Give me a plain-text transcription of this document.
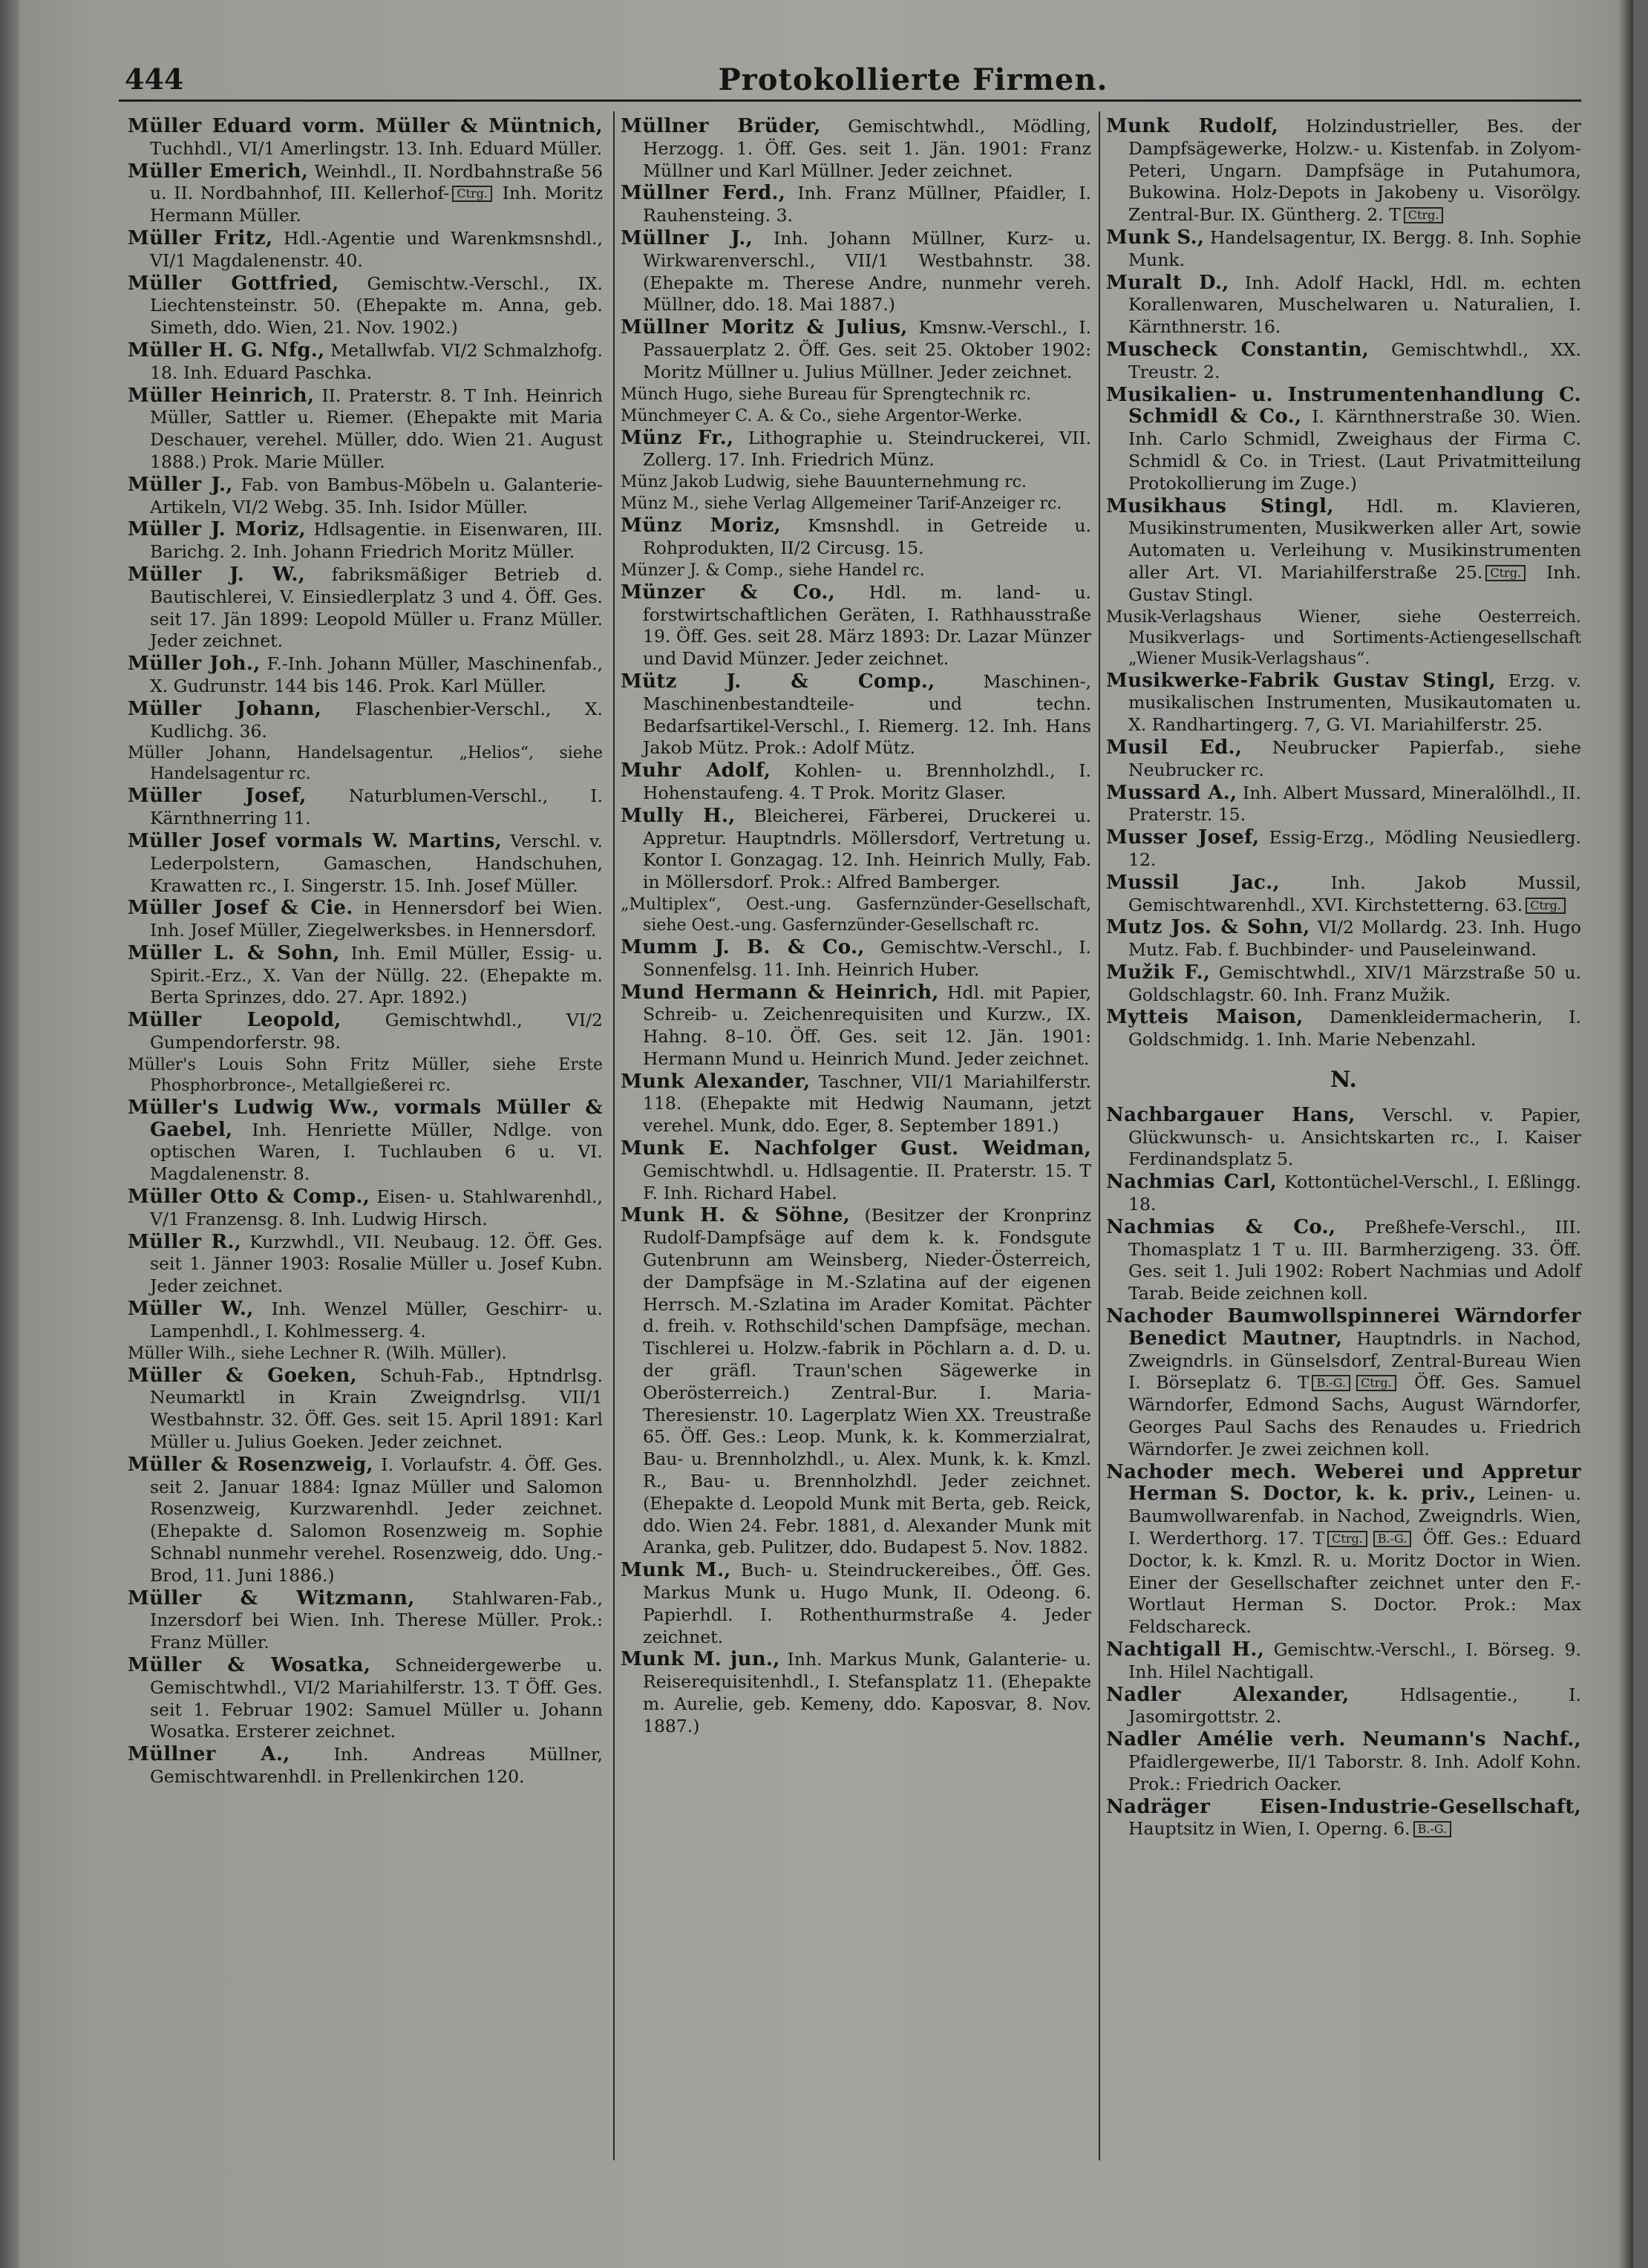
444	Protokollierte Firmen.

Müller Eduard vorm. Müller & Müntnich, Tuchhdl., VI/1 Amerlingstr. 13. Inh. Eduard Müller.

Müller Emerich, Weinhdl., II. Nordbahnstraße 56 u. II. Nordbahnhof, III. Kellerhof- Ctrg. Inh. Moritz Hermann Müller.

Müller Fritz, Hdl.-Agentie und Warenkmsnshdl., VI/1 Magdalenenstr. 40.

Müller Gottfried, Gemischtw.-Verschl., IX. Liechtensteinstr. 50. (Ehepakte m. Anna, geb. Simeth, ddo. Wien, 21. Nov. 1902.)

Müller H. G. Nfg., Metallwfab. VI/2 Schmalzhofg. 18. Inh. Eduard Paschka.

Müller Heinrich, II. Praterstr. 8. T Inh. Heinrich Müller, Sattler u. Riemer. (Ehepakte mit Maria Deschauer, verehel. Müller, ddo. Wien 21. August 1888.) Prok. Marie Müller.

Müller J., Fab. von Bambus-Möbeln u. Galanterie-Artikeln, VI/2 Webg. 35. Inh. Isidor Müller.

Müller J. Moriz, Hdlsagentie. in Eisenwaren, III. Barichg. 2. Inh. Johann Friedrich Moritz Müller.

Müller J. W., fabriksmäßiger Betrieb d. Bautischlerei, V. Einsiedlerplatz 3 und 4. Öff. Ges. seit 17. Jän 1899: Leopold Müller u. Franz Müller. Jeder zeichnet.

Müller Joh., F.-Inh. Johann Müller, Maschinenfab., X. Gudrunstr. 144 bis 146. Prok. Karl Müller.

Müller Johann, Flaschenbier-Verschl., X. Kudlichg. 36.

Müller Johann, Handelsagentur. „Helios“, siehe Handelsagentur rc.

Müller Josef, Naturblumen-Verschl., I. Kärnthnerring 11.

Müller Josef vormals W. Martins, Verschl. v. Lederpolstern, Gamaschen, Handschuhen, Krawatten rc., I. Singerstr. 15. Inh. Josef Müller.

Müller Josef & Cie. in Hennersdorf bei Wien. Inh. Josef Müller, Ziegelwerksbes. in Hennersdorf.

Müller L. & Sohn, Inh. Emil Müller, Essig- u. Spirit.-Erz., X. Van der Nüllg. 22. (Ehepakte m. Berta Sprinzes, ddo. 27. Apr. 1892.)

Müller Leopold, Gemischtwhdl., VI/2 Gumpendorferstr. 98.

Müller's Louis Sohn Fritz Müller, siehe Erste Phosphorbronce-, Metallgießerei rc.

Müller's Ludwig Ww., vormals Müller & Gaebel, Inh. Henriette Müller, Ndlge. von optischen Waren, I. Tuchlauben 6 u. VI. Magdalenenstr. 8.

Müller Otto & Comp., Eisen- u. Stahlwarenhdl., V/1 Franzensg. 8. Inh. Ludwig Hirsch.

Müller R., Kurzwhdl., VII. Neubaug. 12. Öff. Ges. seit 1. Jänner 1903: Rosalie Müller u. Josef Kubn. Jeder zeichnet.

Müller W., Inh. Wenzel Müller, Geschirr- u. Lampenhdl., I. Kohlmesserg. 4.

Müller Wilh., siehe Lechner R. (Wilh. Müller).

Müller & Goeken, Schuh-Fab., Hptndrlsg. Neumarktl in Krain Zweigndrlsg. VII/1 Westbahnstr. 32. Öff. Ges. seit 15. April 1891: Karl Müller u. Julius Goeken. Jeder zeichnet.

Müller & Rosenzweig, I. Vorlaufstr. 4. Öff. Ges. seit 2. Januar 1884: Ignaz Müller und Salomon Rosenzweig, Kurzwarenhdl. Jeder zeichnet. (Ehepakte d. Salomon Rosenzweig m. Sophie Schnabl nunmehr verehel. Rosenzweig, ddo. Ung.-Brod, 11. Juni 1886.)

Müller & Witzmann, Stahlwaren-Fab., Inzersdorf bei Wien. Inh. Therese Müller. Prok.: Franz Müller.

Müller & Wosatka, Schneidergewerbe u. Gemischtwhdl., VI/2 Mariahilferstr. 13. T Öff. Ges. seit 1. Februar 1902: Samuel Müller u. Johann Wosatka. Ersterer zeichnet.

Müllner A., Inh. Andreas Müllner, Gemischtwarenhdl. in Prellenkirchen 120.

Müllner Brüder, Gemischtwhdl., Mödling, Herzogg. 1. Öff. Ges. seit 1. Jän. 1901: Franz Müllner und Karl Müllner. Jeder zeichnet.

Müllner Ferd., Inh. Franz Müllner, Pfaidler, I. Rauhensteing. 3.

Müllner J., Inh. Johann Müllner, Kurz- u. Wirkwarenverschl., VII/1 Westbahnstr. 38. (Ehepakte m. Therese Andre, nunmehr vereh. Müllner, ddo. 18. Mai 1887.)

Müllner Moritz & Julius, Kmsnw.-Verschl., I. Passauerplatz 2. Öff. Ges. seit 25. Oktober 1902: Moritz Müllner u. Julius Müllner. Jeder zeichnet.

Münch Hugo, siehe Bureau für Sprengtechnik rc.

Münchmeyer C. A. & Co., siehe Argentor-Werke.

Münz Fr., Lithographie u. Steindruckerei, VII. Zollerg. 17. Inh. Friedrich Münz.

Münz Jakob Ludwig, siehe Bauunternehmung rc.

Münz M., siehe Verlag Allgemeiner Tarif-Anzeiger rc.

Münz Moriz, Kmsnshdl. in Getreide u. Rohprodukten, II/2 Circusg. 15.

Münzer J. & Comp., siehe Handel rc.

Münzer & Co., Hdl. m. land- u. forstwirtschaftlichen Geräten, I. Rathhausstraße 19. Öff. Ges. seit 28. März 1893: Dr. Lazar Münzer und David Münzer. Jeder zeichnet.

Mütz J. & Comp., Maschinen-, Maschinenbestandteile- und techn. Bedarfsartikel-Verschl., I. Riemerg. 12. Inh. Hans Jakob Mütz. Prok.: Adolf Mütz.

Muhr Adolf, Kohlen- u. Brennholzhdl., I. Hohenstaufeng. 4. T Prok. Moritz Glaser.

Mully H., Bleicherei, Färberei, Druckerei u. Appretur. Hauptndrls. Möllersdorf, Vertretung u. Kontor I. Gonzagag. 12. Inh. Heinrich Mully, Fab. in Möllersdorf. Prok.: Alfred Bamberger.

„Multiplex“, Oest.-ung. Gasfernzünder-Gesellschaft, siehe Oest.-ung. Gasfernzünder-Gesellschaft rc.

Mumm J. B. & Co., Gemischtw.-Verschl., I. Sonnenfelsg. 11. Inh. Heinrich Huber.

Mund Hermann & Heinrich, Hdl. mit Papier, Schreib- u. Zeichenrequisiten und Kurzw., IX. Hahng. 8–10. Öff. Ges. seit 12. Jän. 1901: Hermann Mund u. Heinrich Mund. Jeder zeichnet.

Munk Alexander, Taschner, VII/1 Mariahilferstr. 118. (Ehepakte mit Hedwig Naumann, jetzt verehel. Munk, ddo. Eger, 8. September 1891.)

Munk E. Nachfolger Gust. Weidman, Gemischtwhdl. u. Hdlsagentie. II. Praterstr. 15. T F. Inh. Richard Habel.

Munk H. & Söhne, (Besitzer der Kronprinz Rudolf-Dampfsäge auf dem k. k. Fondsgute Gutenbrunn am Weinsberg, Nieder-Österreich, der Dampfsäge in M.-Szlatina auf der eigenen Herrsch. M.-Szlatina im Arader Komitat. Pächter d. freih. v. Rothschild'schen Dampfsäge, mechan. Tischlerei u. Holzw.-fabrik in Pöchlarn a. d. D. u. der gräfl. Traun'schen Sägewerke in Oberösterreich.) Zentral-Bur. I. Maria-Theresienstr. 10. Lagerplatz Wien XX. Treustraße 65. Öff. Ges.: Leop. Munk, k. k. Kommerzialrat, Bau- u. Brennholzhdl., u. Alex. Munk, k. k. Kmzl. R., Bau- u. Brennholzhdl. Jeder zeichnet. (Ehepakte d. Leopold Munk mit Berta, geb. Reick, ddo. Wien 24. Febr. 1881, d. Alexander Munk mit Aranka, geb. Pulitzer, ddo. Budapest 5. Nov. 1882.

Munk M., Buch- u. Steindruckereibes., Öff. Ges. Markus Munk u. Hugo Munk, II. Odeong. 6. Papierhdl. I. Rothenthurmstraße 4. Jeder zeichnet.

Munk M. jun., Inh. Markus Munk, Galanterie- u. Reiserequisitenhdl., I. Stefansplatz 11. (Ehepakte m. Aurelie, geb. Kemeny, ddo. Kaposvar, 8. Nov. 1887.)

Munk Rudolf, Holzindustrieller, Bes. der Dampfsägewerke, Holzw.- u. Kistenfab. in Zolyom-Peteri, Ungarn. Dampfsäge in Putahumora, Bukowina. Holz-Depots in Jakobeny u. Visorölgy. Zentral-Bur. IX. Güntherg. 2. T Ctrg.

Munk S., Handelsagentur, IX. Bergg. 8. Inh. Sophie Munk.

Muralt D., Inh. Adolf Hackl, Hdl. m. echten Korallenwaren, Muschelwaren u. Naturalien, I. Kärnthnerstr. 16.

Muscheck Constantin, Gemischtwhdl., XX. Treustr. 2.

Musikalien- u. Instrumentenhandlung C. Schmidl & Co., I. Kärnthnerstraße 30. Wien. Inh. Carlo Schmidl, Zweighaus der Firma C. Schmidl & Co. in Triest. (Laut Privatmitteilung Protokollierung im Zuge.)

Musikhaus Stingl, Hdl. m. Klavieren, Musikinstrumenten, Musikwerken aller Art, sowie Automaten u. Verleihung v. Musikinstrumenten aller Art. VI. Mariahilferstraße 25. Ctrg. Inh. Gustav Stingl.

Musik-Verlagshaus Wiener, siehe Oesterreich. Musikverlags- und Sortiments-Actiengesellschaft „Wiener Musik-Verlagshaus“.

Musikwerke-Fabrik Gustav Stingl, Erzg. v. musikalischen Instrumenten, Musikautomaten u. X. Randhartingerg. 7, G. VI. Mariahilferstr. 25.

Musil Ed., Neubrucker Papierfab., siehe Neubrucker rc.

Mussard A., Inh. Albert Mussard, Mineralölhdl., II. Praterstr. 15.

Musser Josef, Essig-Erzg., Mödling Neusiedlerg. 12.

Mussil Jac., Inh. Jakob Mussil, Gemischtwarenhdl., XVI. Kirchstetterng. 63. Ctrg.

Mutz Jos. & Sohn, VI/2 Mollardg. 23. Inh. Hugo Mutz. Fab. f. Buchbinder- und Pauseleinwand.

Mužik F., Gemischtwhdl., XIV/1 Märzstraße 50 u. Goldschlagstr. 60. Inh. Franz Mužik.

Mytteis Maison, Damenkleidermacherin, I. Goldschmidg. 1. Inh. Marie Nebenzahl.

N.

Nachbargauer Hans, Verschl. v. Papier, Glückwunsch- u. Ansichtskarten rc., I. Kaiser Ferdinandsplatz 5.

Nachmias Carl, Kottontüchel-Verschl., I. Eßlingg. 18.

Nachmias & Co., Preßhefe-Verschl., III. Thomasplatz 1 T u. III. Barmherzigeng. 33. Öff. Ges. seit 1. Juli 1902: Robert Nachmias und Adolf Tarab. Beide zeichnen koll.

Nachoder Baumwollspinnerei Wärndorfer Benedict Mautner, Hauptndrls. in Nachod, Zweigndrls. in Günselsdorf, Zentral-Bureau Wien I. Börseplatz 6. T B.-G. Ctrg. Öff. Ges. Samuel Wärndorfer, Edmond Sachs, August Wärndorfer, Georges Paul Sachs des Renaudes u. Friedrich Wärndorfer. Je zwei zeichnen koll.

Nachoder mech. Weberei und Appretur Herman S. Doctor, k. k. priv., Leinen- u. Baumwollwarenfab. in Nachod, Zweigndrls. Wien, I. Werderthorg. 17. T Ctrg. B.-G. Öff. Ges.: Eduard Doctor, k. k. Kmzl. R. u. Moritz Doctor in Wien. Einer der Gesellschafter zeichnet unter den F.-Wortlaut Herman S. Doctor. Prok.: Max Feldschareck.

Nachtigall H., Gemischtw.-Verschl., I. Börseg. 9. Inh. Hilel Nachtigall.

Nadler Alexander, Hdlsagentie., I. Jasomirgottstr. 2.

Nadler Amélie verh. Neumann's Nachf., Pfaidlergewerbe, II/1 Taborstr. 8. Inh. Adolf Kohn. Prok.: Friedrich Oacker.

Nadräger Eisen-Industrie-Gesellschaft, Hauptsitz in Wien, I. Operng. 6. B.-G.
